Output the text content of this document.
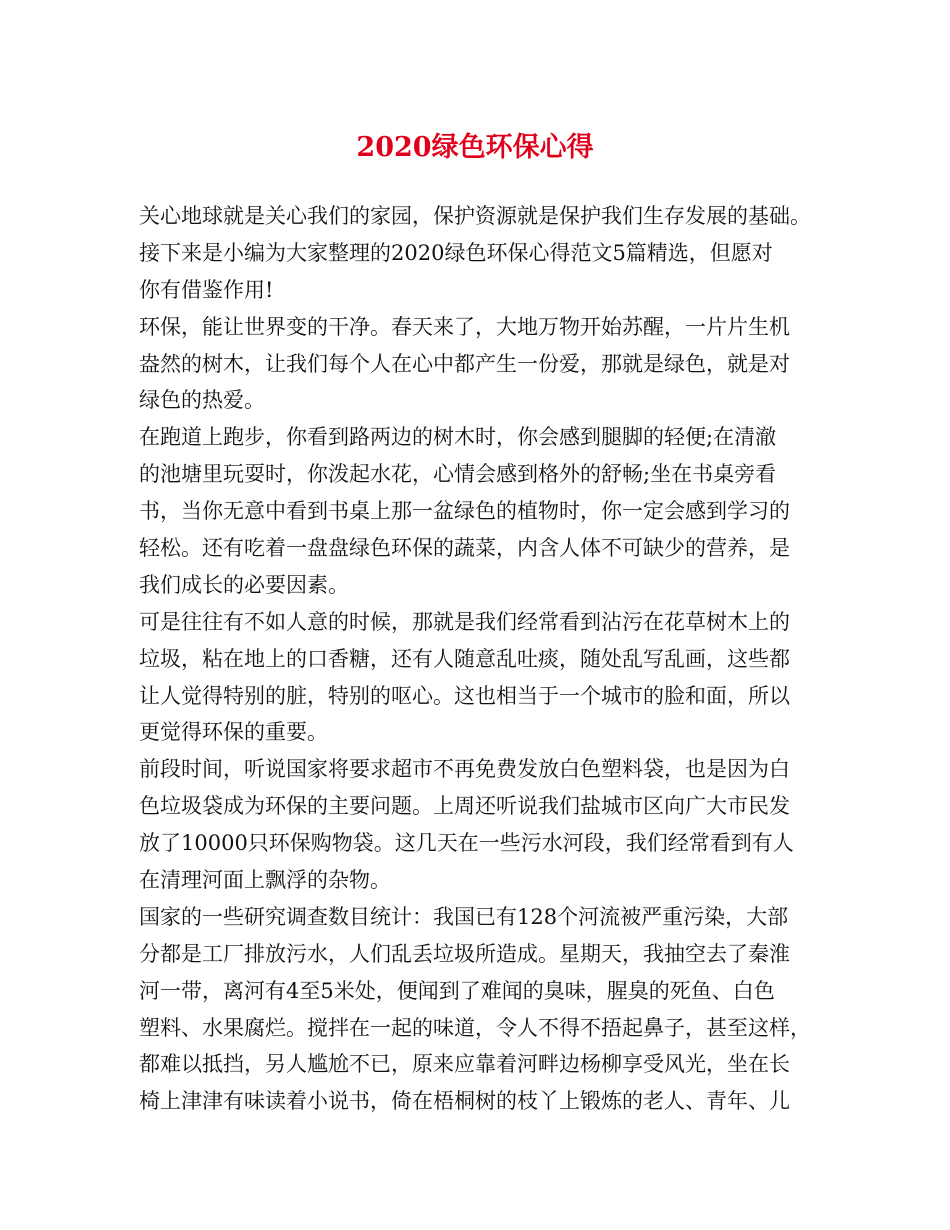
2020绿色环保心得
关心地球就是关心我们的家园，保护资源就是保护我们生存发展的基础。
接下来是小编为大家整理的2020绿色环保心得范文5篇精选，但愿对
你有借鉴作用!
环保，能让世界变的干净。春天来了，大地万物开始苏醒，一片片生机
盎然的树木，让我们每个人在心中都产生一份爱，那就是绿色，就是对
绿色的热爱。
在跑道上跑步，你看到路两边的树木时，你会感到腿脚的轻便;在清澈
的池塘里玩耍时，你泼起水花，心情会感到格外的舒畅;坐在书桌旁看
书，当你无意中看到书桌上那一盆绿色的植物时，你一定会感到学习的
轻松。还有吃着一盘盘绿色环保的蔬菜，内含人体不可缺少的营养，是
我们成长的必要因素。
可是往往有不如人意的时候，那就是我们经常看到沾污在花草树木上的
垃圾，粘在地上的口香糖，还有人随意乱吐痰，随处乱写乱画，这些都
让人觉得特别的脏，特别的呕心。这也相当于一个城市的脸和面，所以
更觉得环保的重要。
前段时间，听说国家将要求超市不再免费发放白色塑料袋，也是因为白
色垃圾袋成为环保的主要问题。上周还听说我们盐城市区向广大市民发
放了10000只环保购物袋。这几天在一些污水河段，我们经常看到有人
在清理河面上飘浮的杂物。
国家的一些研究调查数目统计：我国已有128个河流被严重污染，大部
分都是工厂排放污水，人们乱丢垃圾所造成。星期天，我抽空去了秦淮
河一带，离河有4至5米处，便闻到了难闻的臭味，腥臭的死鱼、白色
塑料、水果腐烂。搅拌在一起的味道，令人不得不捂起鼻子，甚至这样，
都难以抵挡，另人尴尬不已，原来应靠着河畔边杨柳享受风光，坐在长
椅上津津有味读着小说书，倚在梧桐树的枝丫上锻炼的老人、青年、儿
